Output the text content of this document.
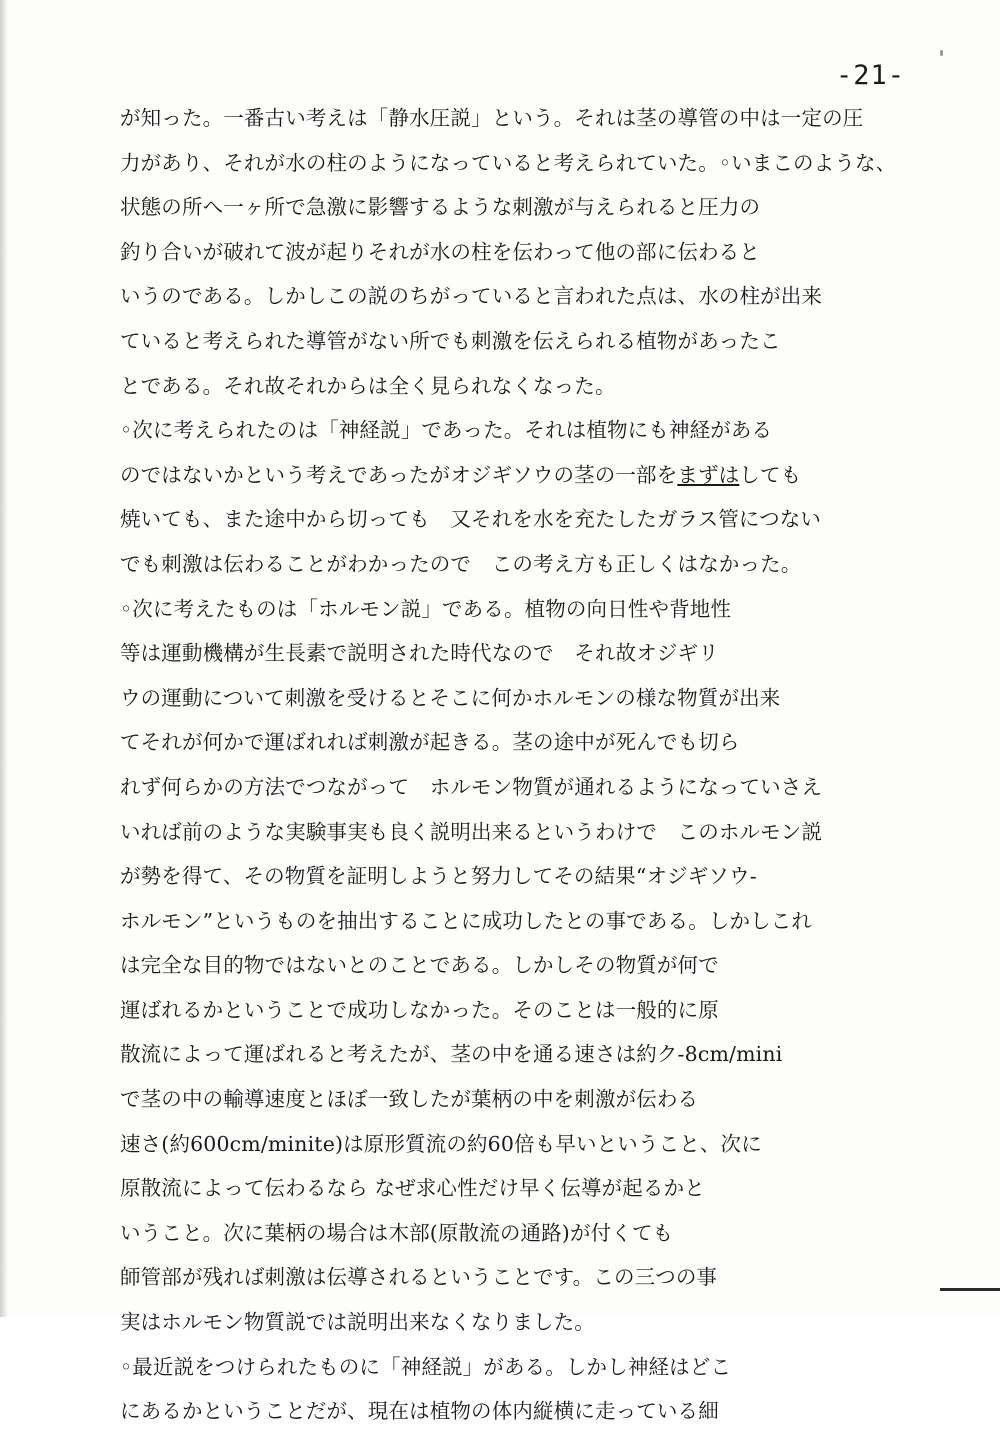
-21-
が知った。一番古い考えは「静水圧説」という。それは茎の導管の中は一定の圧
力があり、それが水の柱のようになっていると考えられていた。◦いまこのような、
状態の所へ一ヶ所で急激に影響するような刺激が与えられると圧力の
釣り合いが破れて波が起りそれが水の柱を伝わって他の部に伝わると
いうのである。しかしこの説のちがっていると言われた点は、水の柱が出来
ていると考えられた導管がない所でも刺激を伝えられる植物があったこ
とである。それ故それからは全く見られなくなった。
◦次に考えられたのは「神経説」であった。それは植物にも神経がある
のではないかという考えであったがオジギソウの茎の一部をまずはしても
焼いても、また途中から切っても　又それを水を充たしたガラス管につない
でも刺激は伝わることがわかったので　この考え方も正しくはなかった。
◦次に考えたものは「ホルモン説」である。植物の向日性や背地性
等は運動機構が生長素で説明された時代なので　それ故オジギリ
ウの運動について刺激を受けるとそこに何かホルモンの様な物質が出来
てそれが何かで運ばれれば刺激が起きる。茎の途中が死んでも切ら
れず何らかの方法でつながって　ホルモン物質が通れるようになっていさえ
いれば前のような実験事実も良く説明出来るというわけで　このホルモン説
が勢を得て、その物質を証明しようと努力してその結果“オジギソウ-
ホルモン”というものを抽出することに成功したとの事である。しかしこれ
は完全な目的物ではないとのことである。しかしその物質が何で
運ばれるかということで成功しなかった。そのことは一般的に原
散流によって運ばれると考えたが、茎の中を通る速さは約ク-8cm/mini
で茎の中の輸導速度とほぼ一致したが葉柄の中を刺激が伝わる
速さ(約600cm/minite)は原形質流の約60倍も早いということ、次に
原散流によって伝わるなら なぜ求心性だけ早く伝導が起るかと
いうこと。次に葉柄の場合は木部(原散流の通路)が付くても
師管部が残れば刺激は伝導されるということです。この三つの事
実はホルモン物質説では説明出来なくなりました。
◦最近説をつけられたものに「神経説」がある。しかし神経はどこ
にあるかということだが、現在は植物の体内縦横に走っている細
